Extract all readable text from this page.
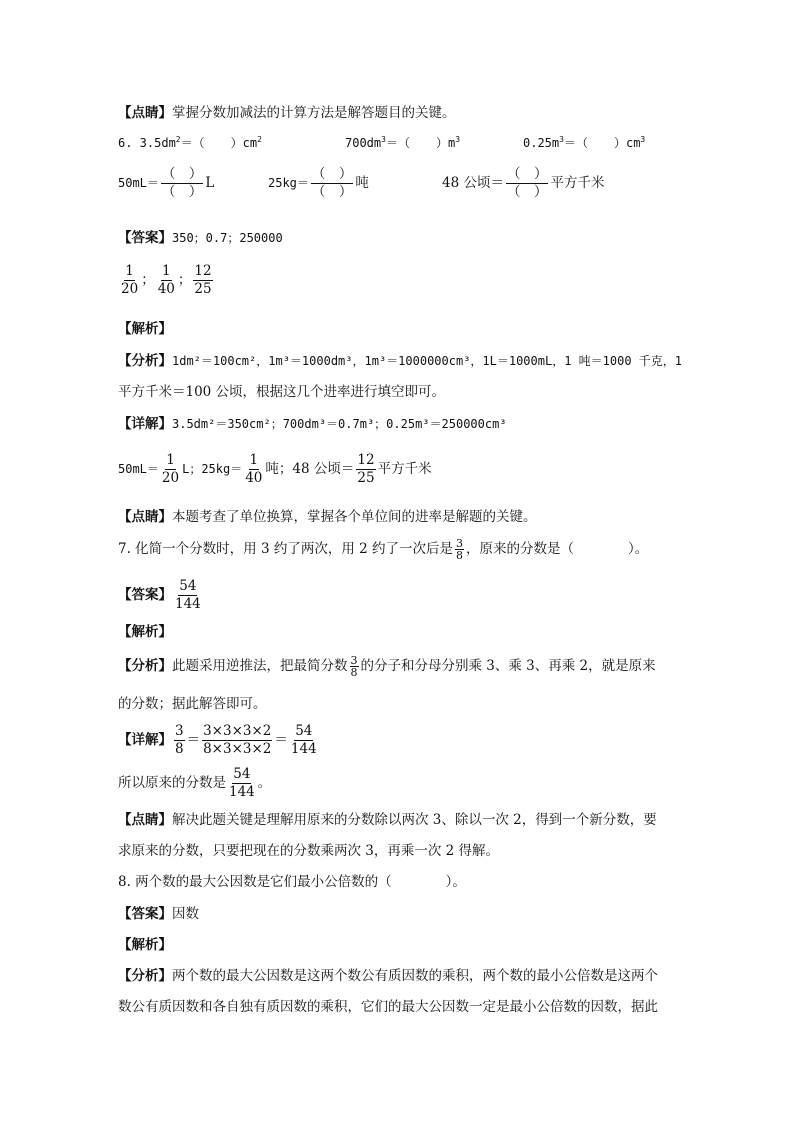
【点睛】掌握分数加减法的计算方法是解答题目的关键。
6. $3.5dm^2=$（ ）$cm^2$	$700dm^3=$（ ）$m^3$	$0.25m^3=$（ ）$cm^3$
$50mL= \frac{( )}{( )}$ L	$25kg= \frac{( )}{( )}$ 吨	48 公顷＝ $\frac{( )}{( )}$ 平方千米
【答案】350；0.7；250000
$\frac{1}{20}$ ； $\frac{1}{40}$ ； $\frac{12}{25}$
【解析】
【分析】1dm²＝100cm²，1m³＝1000dm³，1m³＝1000000cm³，1L＝1000mL，1 吨＝1000 千克，1
平方千米＝100 公顷，根据这几个进率进行填空即可。
【详解】3.5dm²＝350cm²；700dm³＝0.7m³；0.25m³＝250000cm³
$50mL= \frac{1}{20}$ L；$25kg= \frac{1}{40}$ 吨；48 公顷＝ $\frac{12}{25}$ 平方千米
【点睛】本题考查了单位换算，掌握各个单位间的进率是解题的关键。
7. 化简一个分数时，用 3 约了两次，用 2 约了一次后是 $\frac{3}{8}$ ，原来的分数是（　　　　）。
【答案】 $\frac{54}{144}$
【解析】
【分析】此题采用逆推法，把最简分数 $\frac{3}{8}$ 的分子和分母分别乘 3、乘 3、再乘 2，就是原来
的分数；据此解答即可。
【详解】 $\frac{3}{8} = \frac{3\times 3\times 3\times 2}{8\times 3\times 3\times 2} = \frac{54}{144}$
所以原来的分数是 $\frac{54}{144}$ 。
【点睛】解决此题关键是理解用原来的分数除以两次 3、除以一次 2，得到一个新分数，要
求原来的分数，只要把现在的分数乘两次 3，再乘一次 2 得解。
8. 两个数的最大公因数是它们最小公倍数的（　　　　）。
【答案】因数
【解析】
【分析】两个数的最大公因数是这两个数公有质因数的乘积，两个数的最小公倍数是这两个
数公有质因数和各自独有质因数的乘积，它们的最大公因数一定是最小公倍数的因数，据此
